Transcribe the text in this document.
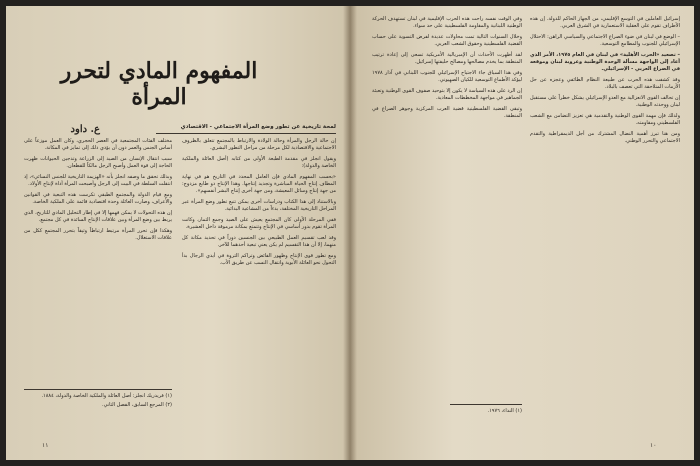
المفهوم المادي لتحرر المرأة
ع. داود	لمحة تاريخية عن تطور وضع المرأة الاجتماعي - الاقتصادي

إن حالة الرجل والمرأة وحالة الولادة والارتباط بالمجتمع تتعلق بالظروف الاجتماعية والاقتصادية لكل مرحلة من مراحل التطور البشري.

ويقول انجلز في مقدمة الطبعة الأولى من كتابه (أصل العائلة والملكية الخاصة والدولة):

«بحسب المفهوم المادي فإن العامل المحدد في التاريخ هو في نهاية المطاف إنتاج الحياة المباشرة وتجديد إنتاجها. وهذا الإنتاج ذو طابع مزدوج: من جهة إنتاج وسائل المعيشة، ومن جهة أخرى إنتاج البشر أنفسهم».

وبالاستناد إلى هذا الكتاب ودراسات أخرى يمكن تتبع تطور وضع المرأة عبر المراحل التاريخية المختلفة، بدءاً من المشاعية البدائية.

ففي المرحلة الأولى كان المجتمع يعيش على الصيد وجمع الثمار، وكانت المرأة تقوم بدور أساسي في الإنتاج وتتمتع بمكانة مرموقة داخل العشيرة.

وقد لعب تقسيم العمل الطبيعي بين الجنسين دوراً في تحديد مكانة كل منهما، إلا أن هذا التقسيم لم يكن يعني تبعية أحدهما للآخر.

ومع تطور قوى الإنتاج وظهور الفائض وتراكم الثروة في أيدي الرجال بدأ التحول نحو العائلة الأبوية وانتقال النسب عن طريق الأب.

مختلف الفئات المجتمعية في العصر الحجري، وكان العمل موزعاً على أساس الجنس والعمر دون أن يؤدي ذلك إلى تمايز في المكانة.

سبب انتقال الإنسان من الصيد إلى الزراعة وتدجين الحيوانات ظهرت الحاجة إلى قوة العمل وأصبح الرجل مالكاً للقطعان.

وبذلك تحقق ما وصفه انجلز بأنه «الهزيمة التاريخية للجنس النسائي»، إذ انتقلت السلطة في البيت إلى الرجل وأصبحت المرأة أداة لإنتاج الأولاد.

ومع قيام الدولة والمجتمع الطبقي تكرست هذه التبعية في القوانين والأعراف، وصارت العائلة وحدة اقتصادية قائمة على الملكية الخاصة.

إن هذه التحولات لا يمكن فهمها إلا في إطار التحليل المادي للتاريخ، الذي يربط بين وضع المرأة وبين علاقات الإنتاج السائدة في كل مجتمع.

وهكذا فإن تحرر المرأة مرتبط ارتباطاً وثيقاً بتحرر المجتمع ككل من علاقات الاستغلال.

(١) فريدريك انجلز: أصل العائلة والملكية الخاصة والدولة، ١٨٨٤.
(٢) المرجع السابق، الفصل الثاني.
١١

إسرائيل العاملين في التوسع الإقليمي، من الجهاز الحاكم للدولة. إن هذه الأطراف تقوم على العقلية الاستعمارية في الشرق العربي.

– الوضع في لبنان في ضوء الصراع الاجتماعي والسياسي الراهن: الاحتلال الإسرائيلي للجنوب والمطامع التوسعية.

– تصعيد «الحرب الأهلية» في لبنان في العام ١٩٧٥، الأمر الذي أعاد إلى الواجهة مسألة الوحدة الوطنية وعروبة لبنان وموقعه في الصراع العربي - الإسرائيلي.

وقد كشفت هذه الحرب عن طبيعة النظام الطائفي وعجزه عن حل الأزمات المتلاحقة التي تعصف بالبلاد.

إن تحالف القوى الانعزالية مع العدو الإسرائيلي يشكل خطراً على مستقبل لبنان ووحدته الوطنية.

ولذلك فإن مهمة القوى الوطنية والتقدمية هي تعزيز التضامن مع الشعب الفلسطيني ومقاومته.

ومن هنا تبرز أهمية النضال المشترك من أجل الديمقراطية والتقدم الاجتماعي والتحرر الوطني.

وفي الوقت نفسه راحت هذه الحرب الإقليمية في لبنان تستهدف الحركة الوطنية اللبنانية والمقاومة الفلسطينية على حد سواء.

وخلال السنوات التالية تمت محاولات عديدة لفرض التسوية على حساب القضية الفلسطينية وحقوق الشعب العربي.

لقد أظهرت الأحداث أن الإمبريالية الأمريكية تسعى إلى إعادة ترتيب المنطقة بما يخدم مصالحها ومصالح حليفتها إسرائيل.

وفي هذا السياق جاء الاجتياح الإسرائيلي للجنوب اللبناني في آذار ١٩٧٨ ليؤكد الأطماع التوسعية للكيان الصهيوني.

إن الرد على هذه السياسة لا يكون إلا بتوحيد صفوف القوى الوطنية وتعبئة الجماهير في مواجهة المخططات المعادية.

وتبقى القضية الفلسطينية قضية العرب المركزية وجوهر الصراع في المنطقة.

(١) النداء، ١٩٧٦.
١٠
